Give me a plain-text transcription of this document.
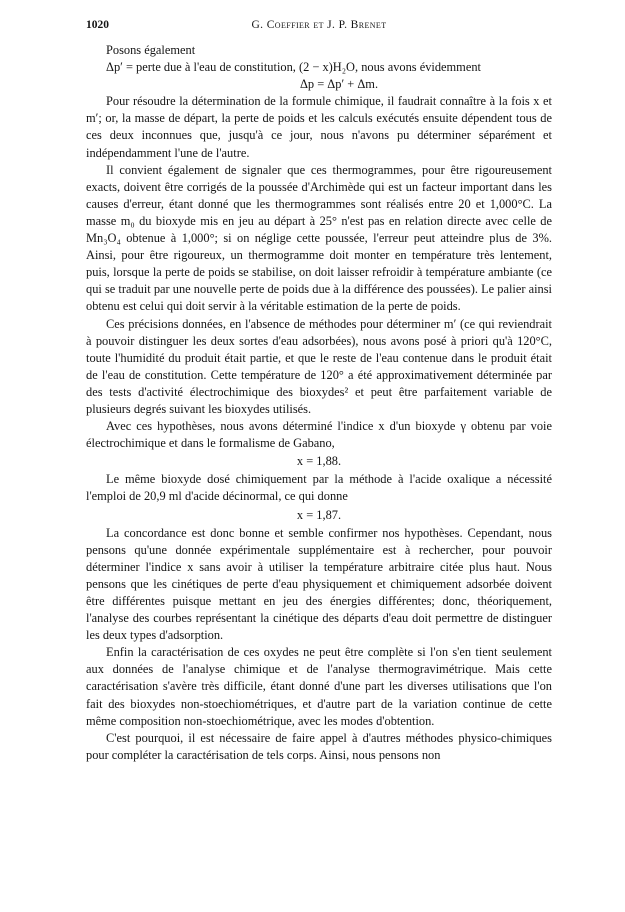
1020	G. Coeffier et J. P. Brenet

Posons également

Δp′ = perte due à l'eau de constitution, (2 − x)H₂O, nous avons évidemment

Δp = Δp′ + Δm.

Pour résoudre la détermination de la formule chimique, il faudrait connaître à la fois x et m′; or, la masse de départ, la perte de poids et les calculs exécutés ensuite dépendent tous de ces deux inconnues que, jusqu'à ce jour, nous n'avons pu déterminer séparément et indépendamment l'une de l'autre.

Il convient également de signaler que ces thermogrammes, pour être rigoureusement exacts, doivent être corrigés de la poussée d'Archimède qui est un facteur important dans les causes d'erreur, étant donné que les thermogrammes sont réalisés entre 20 et 1,000°C. La masse m₀ du bioxyde mis en jeu au départ à 25° n'est pas en relation directe avec celle de Mn₃O₄ obtenue à 1,000°; si on néglige cette poussée, l'erreur peut atteindre plus de 3%. Ainsi, pour être rigoureux, un thermogramme doit monter en température très lentement, puis, lorsque la perte de poids se stabilise, on doit laisser refroidir à température ambiante (ce qui se traduit par une nouvelle perte de poids due à la différence des poussées). Le palier ainsi obtenu est celui qui doit servir à la véritable estimation de la perte de poids.

Ces précisions données, en l'absence de méthodes pour déterminer m′ (ce qui reviendrait à pouvoir distinguer les deux sortes d'eau adsorbées), nous avons posé à priori qu'à 120°C, toute l'humidité du produit était partie, et que le reste de l'eau contenue dans le produit était de l'eau de constitution. Cette température de 120° a été approximativement déterminée par des tests d'activité électrochimique des bioxydes² et peut être parfaitement variable de plusieurs degrés suivant les bioxydes utilisés.

Avec ces hypothèses, nous avons déterminé l'indice x d'un bioxyde γ obtenu par voie électrochimique et dans le formalisme de Gabano,

x = 1,88.

Le même bioxyde dosé chimiquement par la méthode à l'acide oxalique a nécessité l'emploi de 20,9 ml d'acide décinormal, ce qui donne

x = 1,87.

La concordance est donc bonne et semble confirmer nos hypothèses. Cependant, nous pensons qu'une donnée expérimentale supplémentaire est à rechercher, pour pouvoir déterminer l'indice x sans avoir à utiliser la température arbitraire citée plus haut. Nous pensons que les cinétiques de perte d'eau physiquement et chimiquement adsorbée doivent être différentes puisque mettant en jeu des énergies différentes; donc, théoriquement, l'analyse des courbes représentant la cinétique des départs d'eau doit permettre de distinguer les deux types d'adsorption.

Enfin la caractérisation de ces oxydes ne peut être complète si l'on s'en tient seulement aux données de l'analyse chimique et de l'analyse thermogravimétrique. Mais cette caractérisation s'avère très difficile, étant donné d'une part les diverses utilisations que l'on fait des bioxydes non-stoechiométriques, et d'autre part de la variation continue de cette même composition non-stoechiométrique, avec les modes d'obtention.

C'est pourquoi, il est nécessaire de faire appel à d'autres méthodes physico-chimiques pour compléter la caractérisation de tels corps. Ainsi, nous pensons non
